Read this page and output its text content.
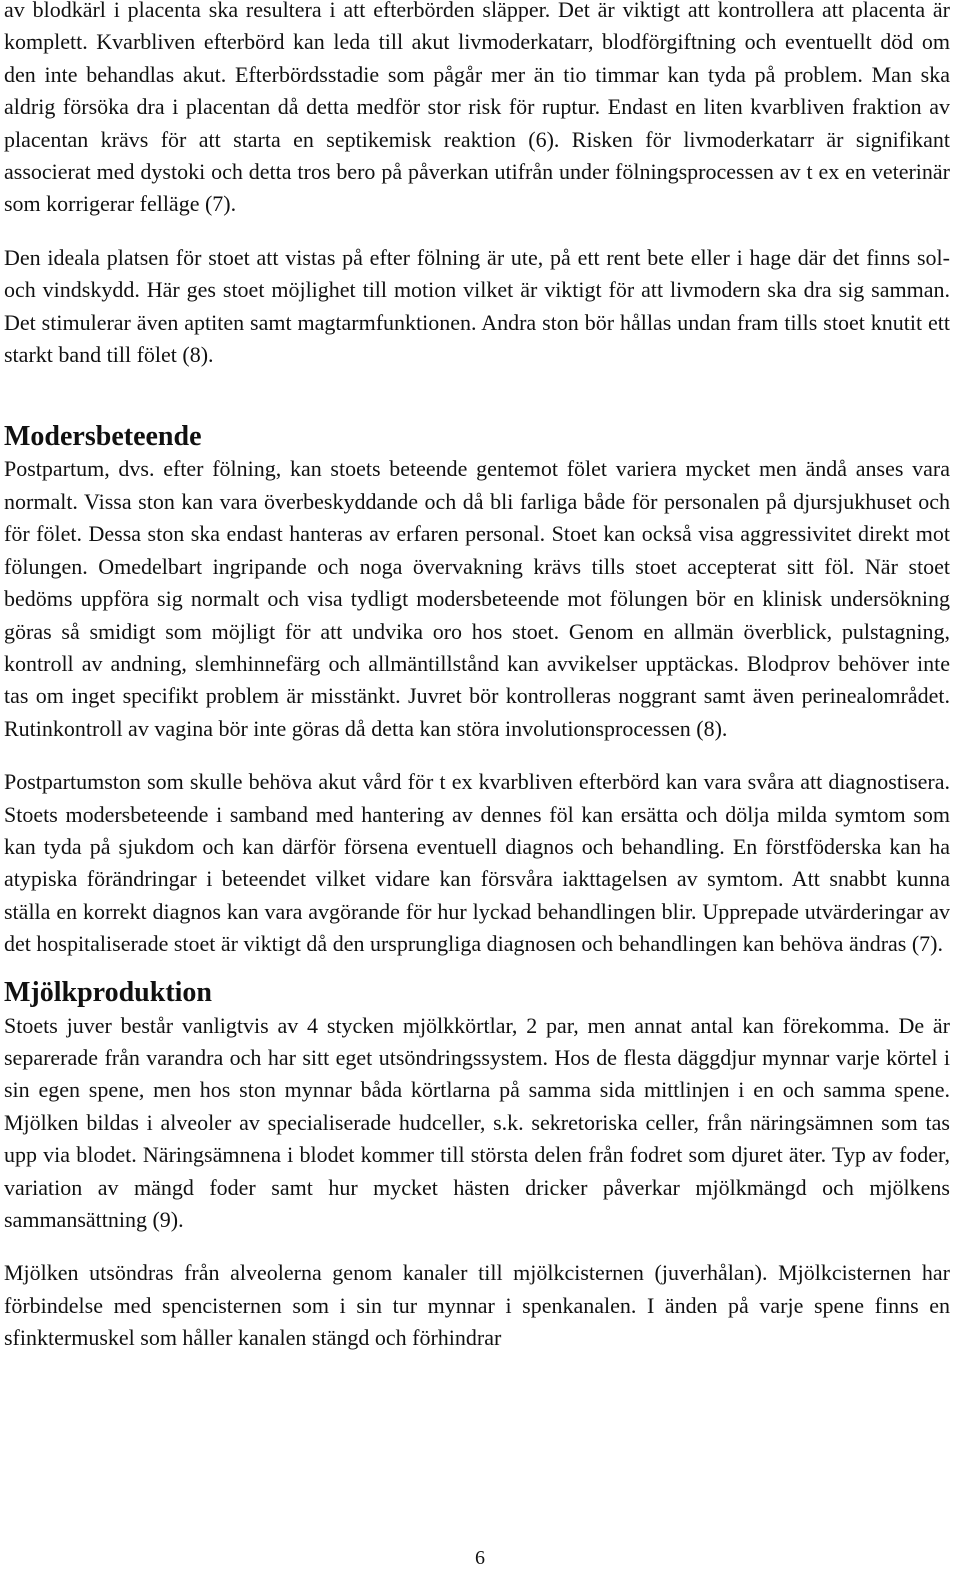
av blodkärl i placenta ska resultera i att efterbörden släpper. Det är viktigt att kontrollera att placenta är komplett. Kvarbliven efterbörd kan leda till akut livmoderkatarr, blodförgiftning och eventuellt död om den inte behandlas akut. Efterbördsstadie som pågår mer än tio timmar kan tyda på problem. Man ska aldrig försöka dra i placentan då detta medför stor risk för ruptur. Endast en liten kvarbliven fraktion av placentan krävs för att starta en septikemisk reaktion (6). Risken för livmoderkatarr är signifikant associerat med dystoki och detta tros bero på påverkan utifrån under fölningsprocessen av t ex en veterinär som korrigerar felläge (7).

Den ideala platsen för stoet att vistas på efter fölning är ute, på ett rent bete eller i hage där det finns sol- och vindskydd. Här ges stoet möjlighet till motion vilket är viktigt för att livmodern ska dra sig samman. Det stimulerar även aptiten samt magtarmfunktionen. Andra ston bör hållas undan fram tills stoet knutit ett starkt band till fölet (8).

Modersbeteende

Postpartum, dvs. efter fölning, kan stoets beteende gentemot fölet variera mycket men ändå anses vara normalt. Vissa ston kan vara överbeskyddande och då bli farliga både för personalen på djursjukhuset och för fölet. Dessa ston ska endast hanteras av erfaren personal. Stoet kan också visa aggressivitet direkt mot fölungen. Omedelbart ingripande och noga övervakning krävs tills stoet accepterat sitt föl. När stoet bedöms uppföra sig normalt och visa tydligt modersbeteende mot fölungen bör en klinisk undersökning göras så smidigt som möjligt för att undvika oro hos stoet. Genom en allmän överblick, pulstagning, kontroll av andning, slemhinnefärg och allmäntillstånd kan avvikelser upptäckas. Blodprov behöver inte tas om inget specifikt problem är misstänkt. Juvret bör kontrolleras noggrant samt även perinealområdet. Rutinkontroll av vagina bör inte göras då detta kan störa involutionsprocessen (8).

Postpartumston som skulle behöva akut vård för t ex kvarbliven efterbörd kan vara svåra att diagnostisera. Stoets modersbeteende i samband med hantering av dennes föl kan ersätta och dölja milda symtom som kan tyda på sjukdom och kan därför försena eventuell diagnos och behandling. En förstföderska kan ha atypiska förändringar i beteendet vilket vidare kan försvåra iakttagelsen av symtom. Att snabbt kunna ställa en korrekt diagnos kan vara avgörande för hur lyckad behandlingen blir. Upprepade utvärderingar av det hospitaliserade stoet är viktigt då den ursprungliga diagnosen och behandlingen kan behöva ändras (7).

Mjölkproduktion

Stoets juver består vanligtvis av 4 stycken mjölkkörtlar, 2 par, men annat antal kan förekomma. De är separerade från varandra och har sitt eget utsöndringssystem. Hos de flesta däggdjur mynnar varje körtel i sin egen spene, men hos ston mynnar båda körtlarna på samma sida mittlinjen i en och samma spene. Mjölken bildas i alveoler av specialiserade hudceller, s.k. sekretoriska celler, från näringsämnen som tas upp via blodet. Näringsämnena i blodet kommer till största delen från fodret som djuret äter. Typ av foder, variation av mängd foder samt hur mycket hästen dricker påverkar mjölkmängd och mjölkens sammansättning (9).

Mjölken utsöndras från alveolerna genom kanaler till mjölkcisternen (juverhålan). Mjölkcisternen har förbindelse med spencisternen som i sin tur mynnar i spenkanalen. I änden på varje spene finns en sfinktermuskel som håller kanalen stängd och förhindrar

6
